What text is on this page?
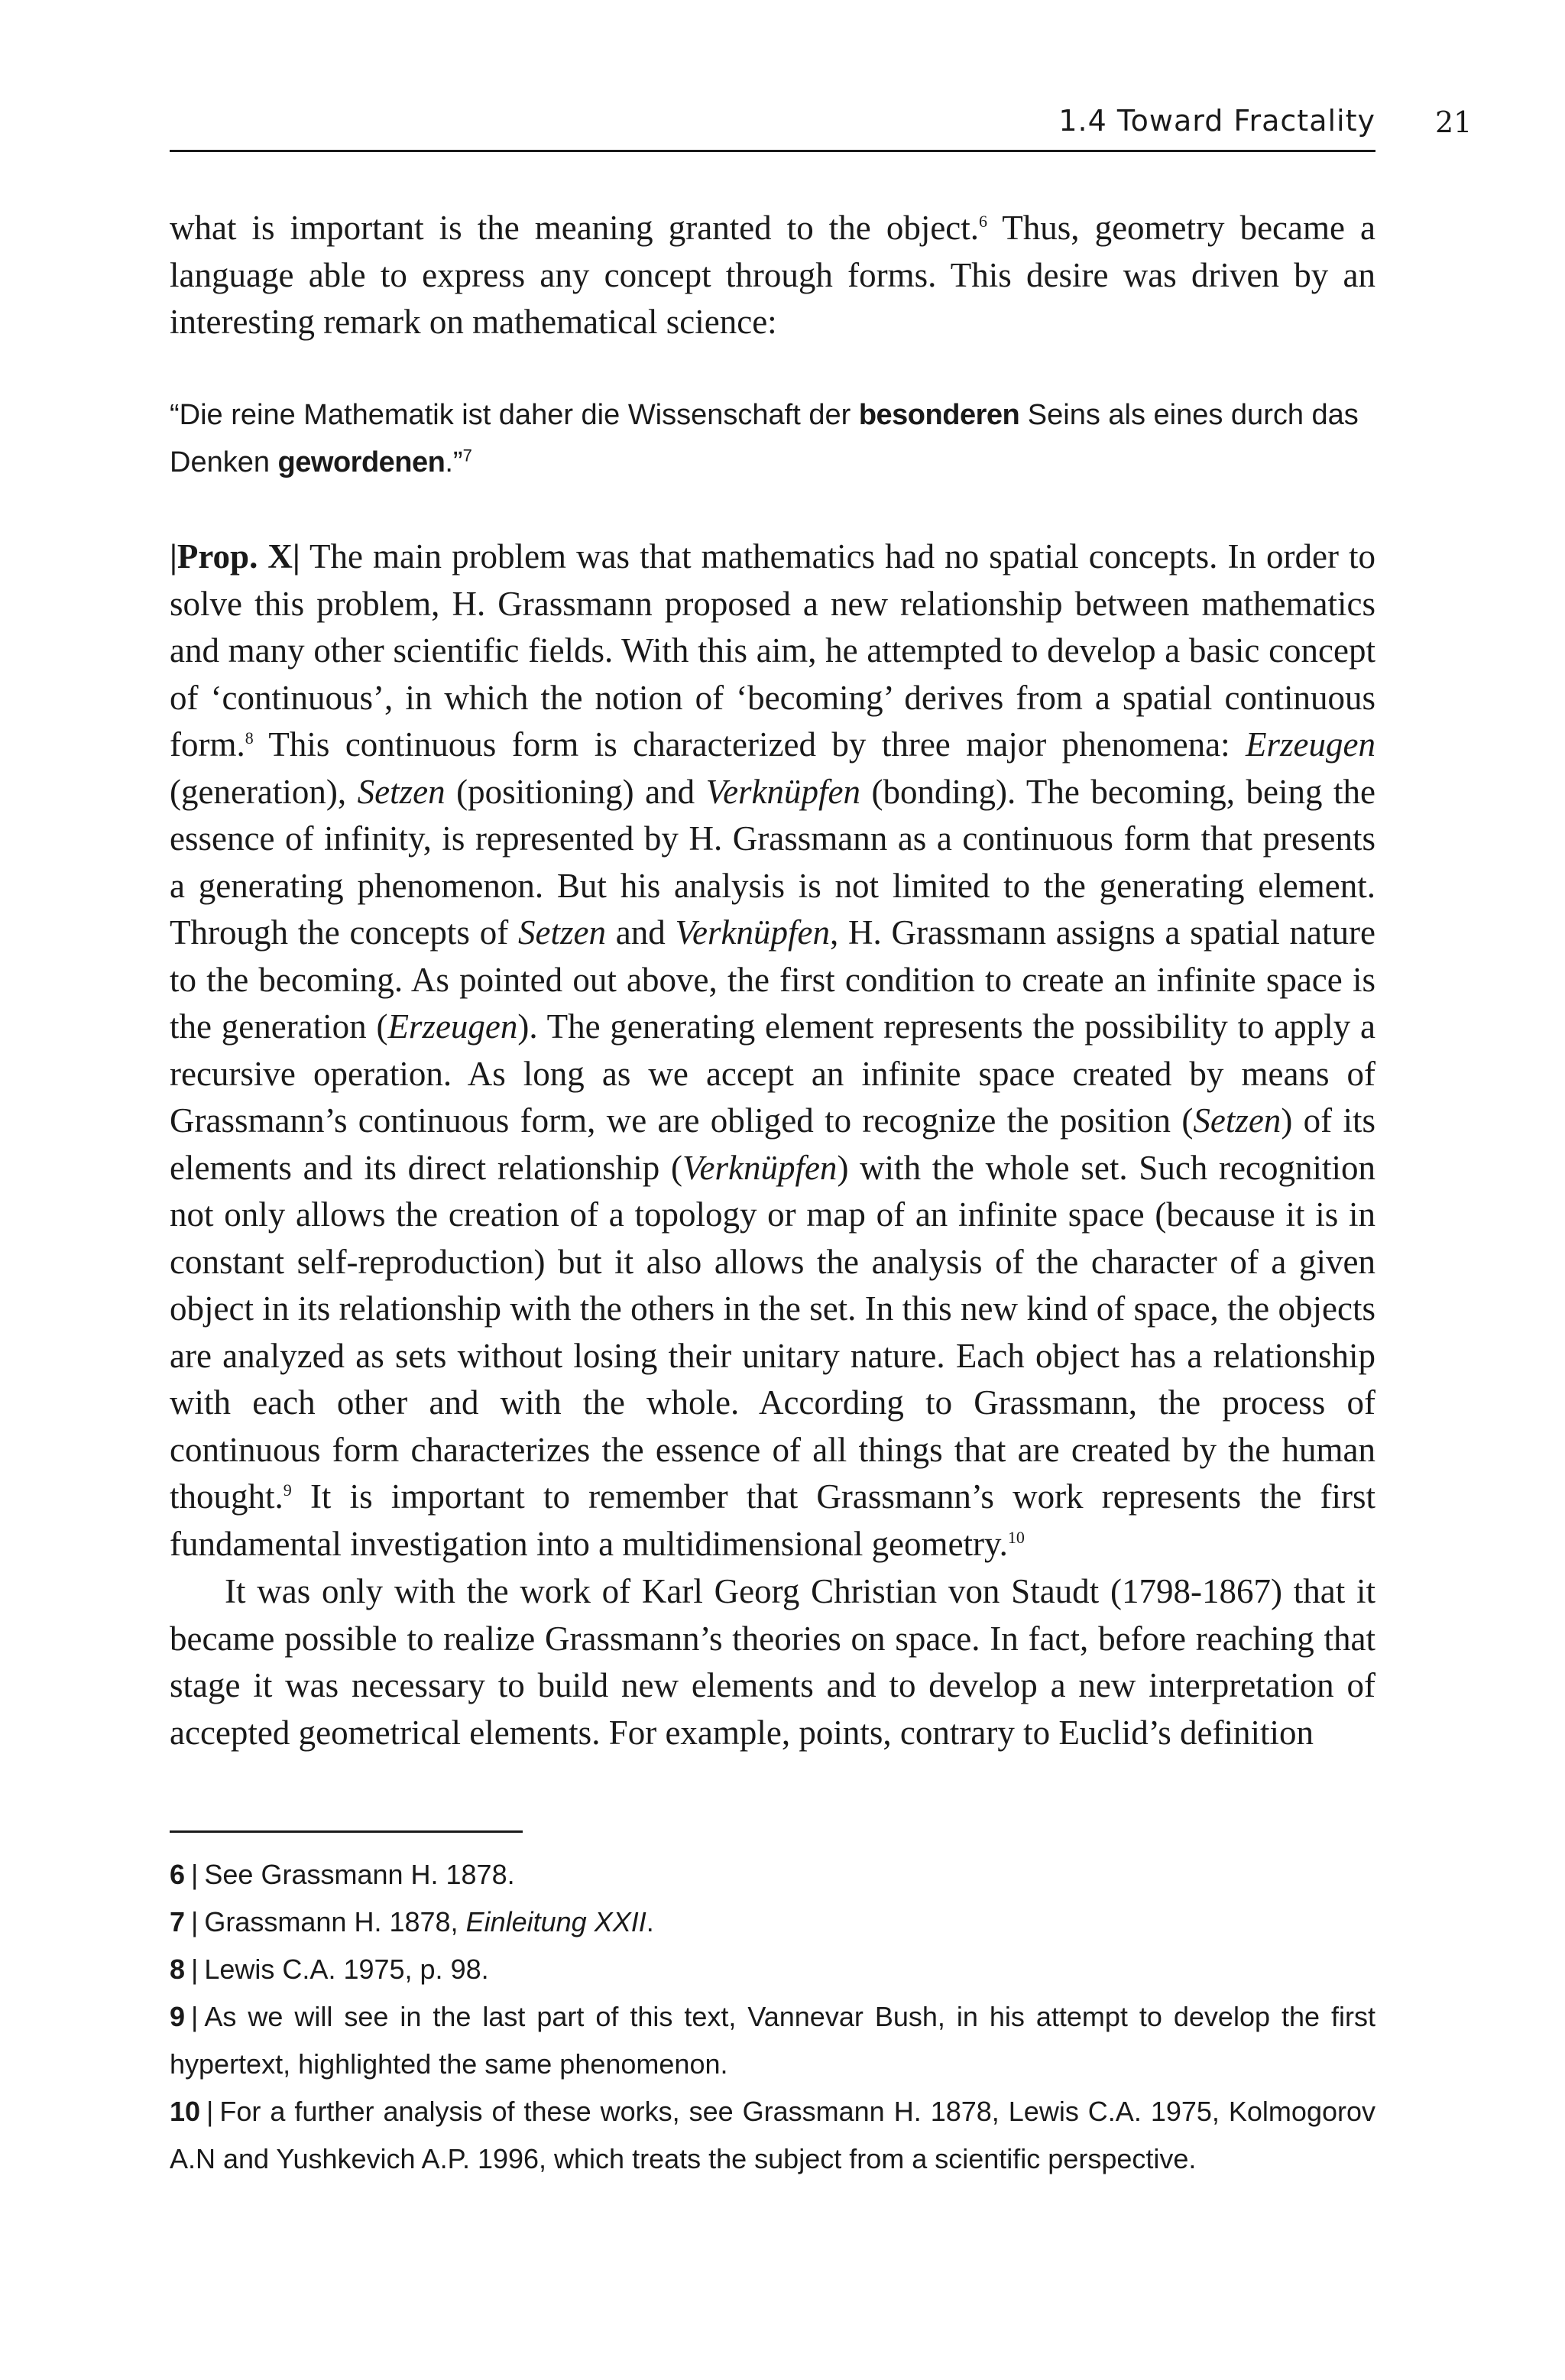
1.4 Toward Fractality 21

what is important is the meaning granted to the object.$^6$ Thus, geometry became a language able to express any concept through forms. This desire was driven by an interesting remark on mathematical science:

“Die reine Mathematik ist daher die Wissenschaft der besonderen Seins als eines durch das Denken gewordenen.”$^7$

|Prop. X| The main problem was that mathematics had no spatial concepts. In order to solve this problem, H. Grassmann proposed a new relationship between mathematics and many other scientific fields. With this aim, he attempted to develop a basic concept of ‘continuous’, in which the notion of ‘becoming’ derives from a spatial continuous form.$^8$ This continuous form is characterized by three major phenomena: Erzeugen (generation), Setzen (positioning) and Verknüpfen (bonding). The becoming, being the essence of infinity, is represented by H. Grassmann as a continuous form that presents a generating phenomenon. But his analysis is not limited to the generating element. Through the concepts of Setzen and Verknüpfen, H. Grassmann assigns a spatial nature to the becoming. As pointed out above, the first condition to create an infinite space is the generation (Erzeugen). The generating element represents the possibility to apply a recursive operation. As long as we accept an infinite space created by means of Grassmann’s continuous form, we are obliged to recognize the position (Setzen) of its elements and its direct relationship (Verknüpfen) with the whole set. Such recognition not only allows the creation of a topology or map of an infinite space (because it is in constant self-reproduction) but it also allows the analysis of the character of a given object in its relationship with the others in the set. In this new kind of space, the objects are analyzed as sets without losing their unitary nature. Each object has a relationship with each other and with the whole. According to Grassmann, the process of continuous form characterizes the essence of all things that are created by the human thought.$^9$ It is important to remember that Grassmann’s work represents the first fundamental investigation into a multidimensional geometry.$^{10}$

It was only with the work of Karl Georg Christian von Staudt (1798-1867) that it became possible to realize Grassmann’s theories on space. In fact, before reaching that stage it was necessary to build new elements and to develop a new interpretation of accepted geometrical elements. For example, points, contrary to Euclid’s definition

6 | See Grassmann H. 1878.

7 | Grassmann H. 1878, Einleitung XXII.

8 | Lewis C.A. 1975, p. 98.

9 | As we will see in the last part of this text, Vannevar Bush, in his attempt to develop the first hypertext, highlighted the same phenomenon.

10 | For a further analysis of these works, see Grassmann H. 1878, Lewis C.A. 1975, Kolmogorov A.N and Yushkevich A.P. 1996, which treats the subject from a scientific perspective.
